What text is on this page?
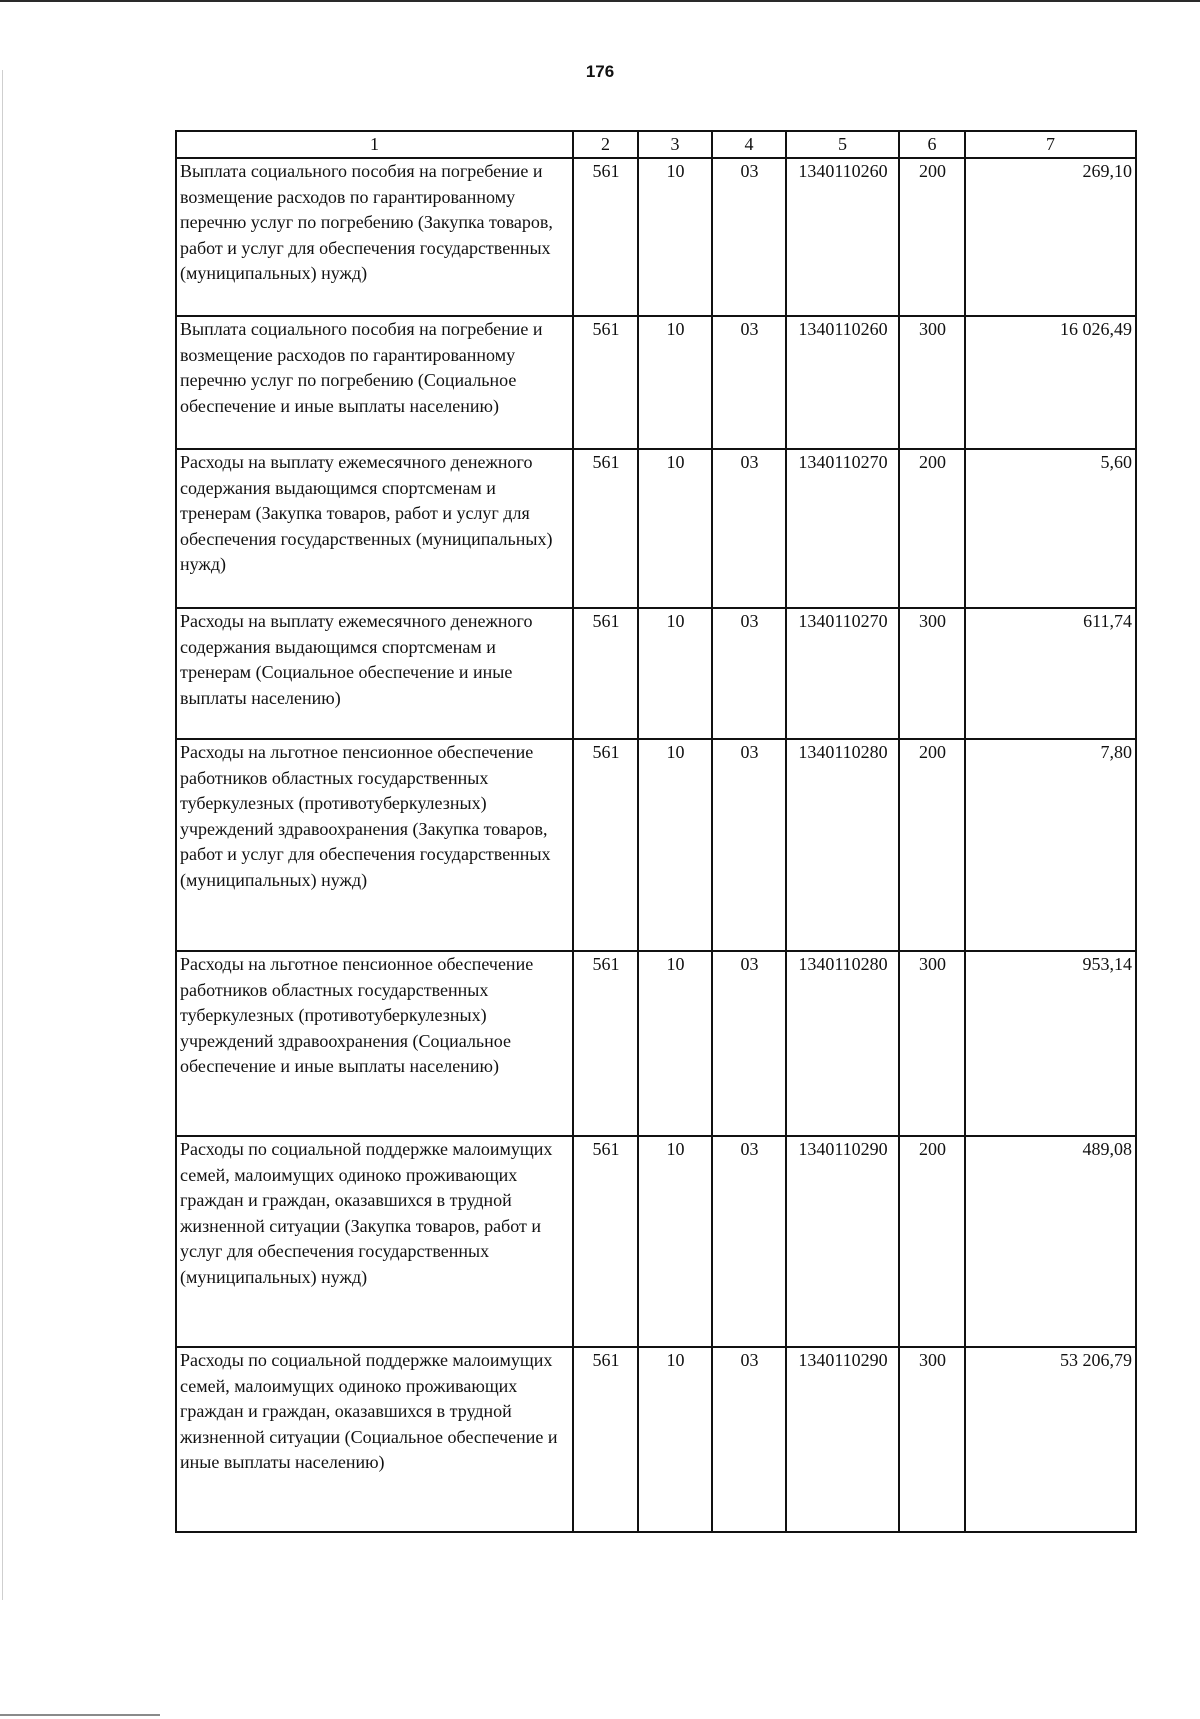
176
1	2	3	4	5	6	7
Выплата социального пособия на погребение и возмещение расходов по гарантированному перечню услуг по погребению (Закупка товаров, работ и услуг для обеспечения государственных (муниципальных) нужд)	561	10	03	1340110260	200	269,10
Выплата социального пособия на погребение и возмещение расходов по гарантированному перечню услуг по погребению (Социальное обеспечение и иные выплаты населению)	561	10	03	1340110260	300	16 026,49
Расходы на выплату ежемесячного денежного содержания выдающимся спортсменам и тренерам (Закупка товаров, работ и услуг для обеспечения государственных (муниципальных) нужд)	561	10	03	1340110270	200	5,60
Расходы на выплату ежемесячного денежного содержания выдающимся спортсменам и тренерам (Социальное обеспечение и иные выплаты населению)	561	10	03	1340110270	300	611,74
Расходы на льготное пенсионное обеспечение работников областных государственных туберкулезных (противотуберкулезных) учреждений здравоохранения (Закупка товаров, работ и услуг для обеспечения государственных (муниципальных) нужд)	561	10	03	1340110280	200	7,80
Расходы на льготное пенсионное обеспечение работников областных государственных туберкулезных (противотуберкулезных) учреждений здравоохранения (Социальное обеспечение и иные выплаты населению)	561	10	03	1340110280	300	953,14
Расходы по социальной поддержке малоимущих семей, малоимущих одиноко проживающих граждан и граждан, оказавшихся в трудной жизненной ситуации (Закупка товаров, работ и услуг для обеспечения государственных (муниципальных) нужд)	561	10	03	1340110290	200	489,08
Расходы по социальной поддержке малоимущих семей, малоимущих одиноко проживающих граждан и граждан, оказавшихся в трудной жизненной ситуации (Социальное обеспечение и иные выплаты населению)	561	10	03	1340110290	300	53 206,79
